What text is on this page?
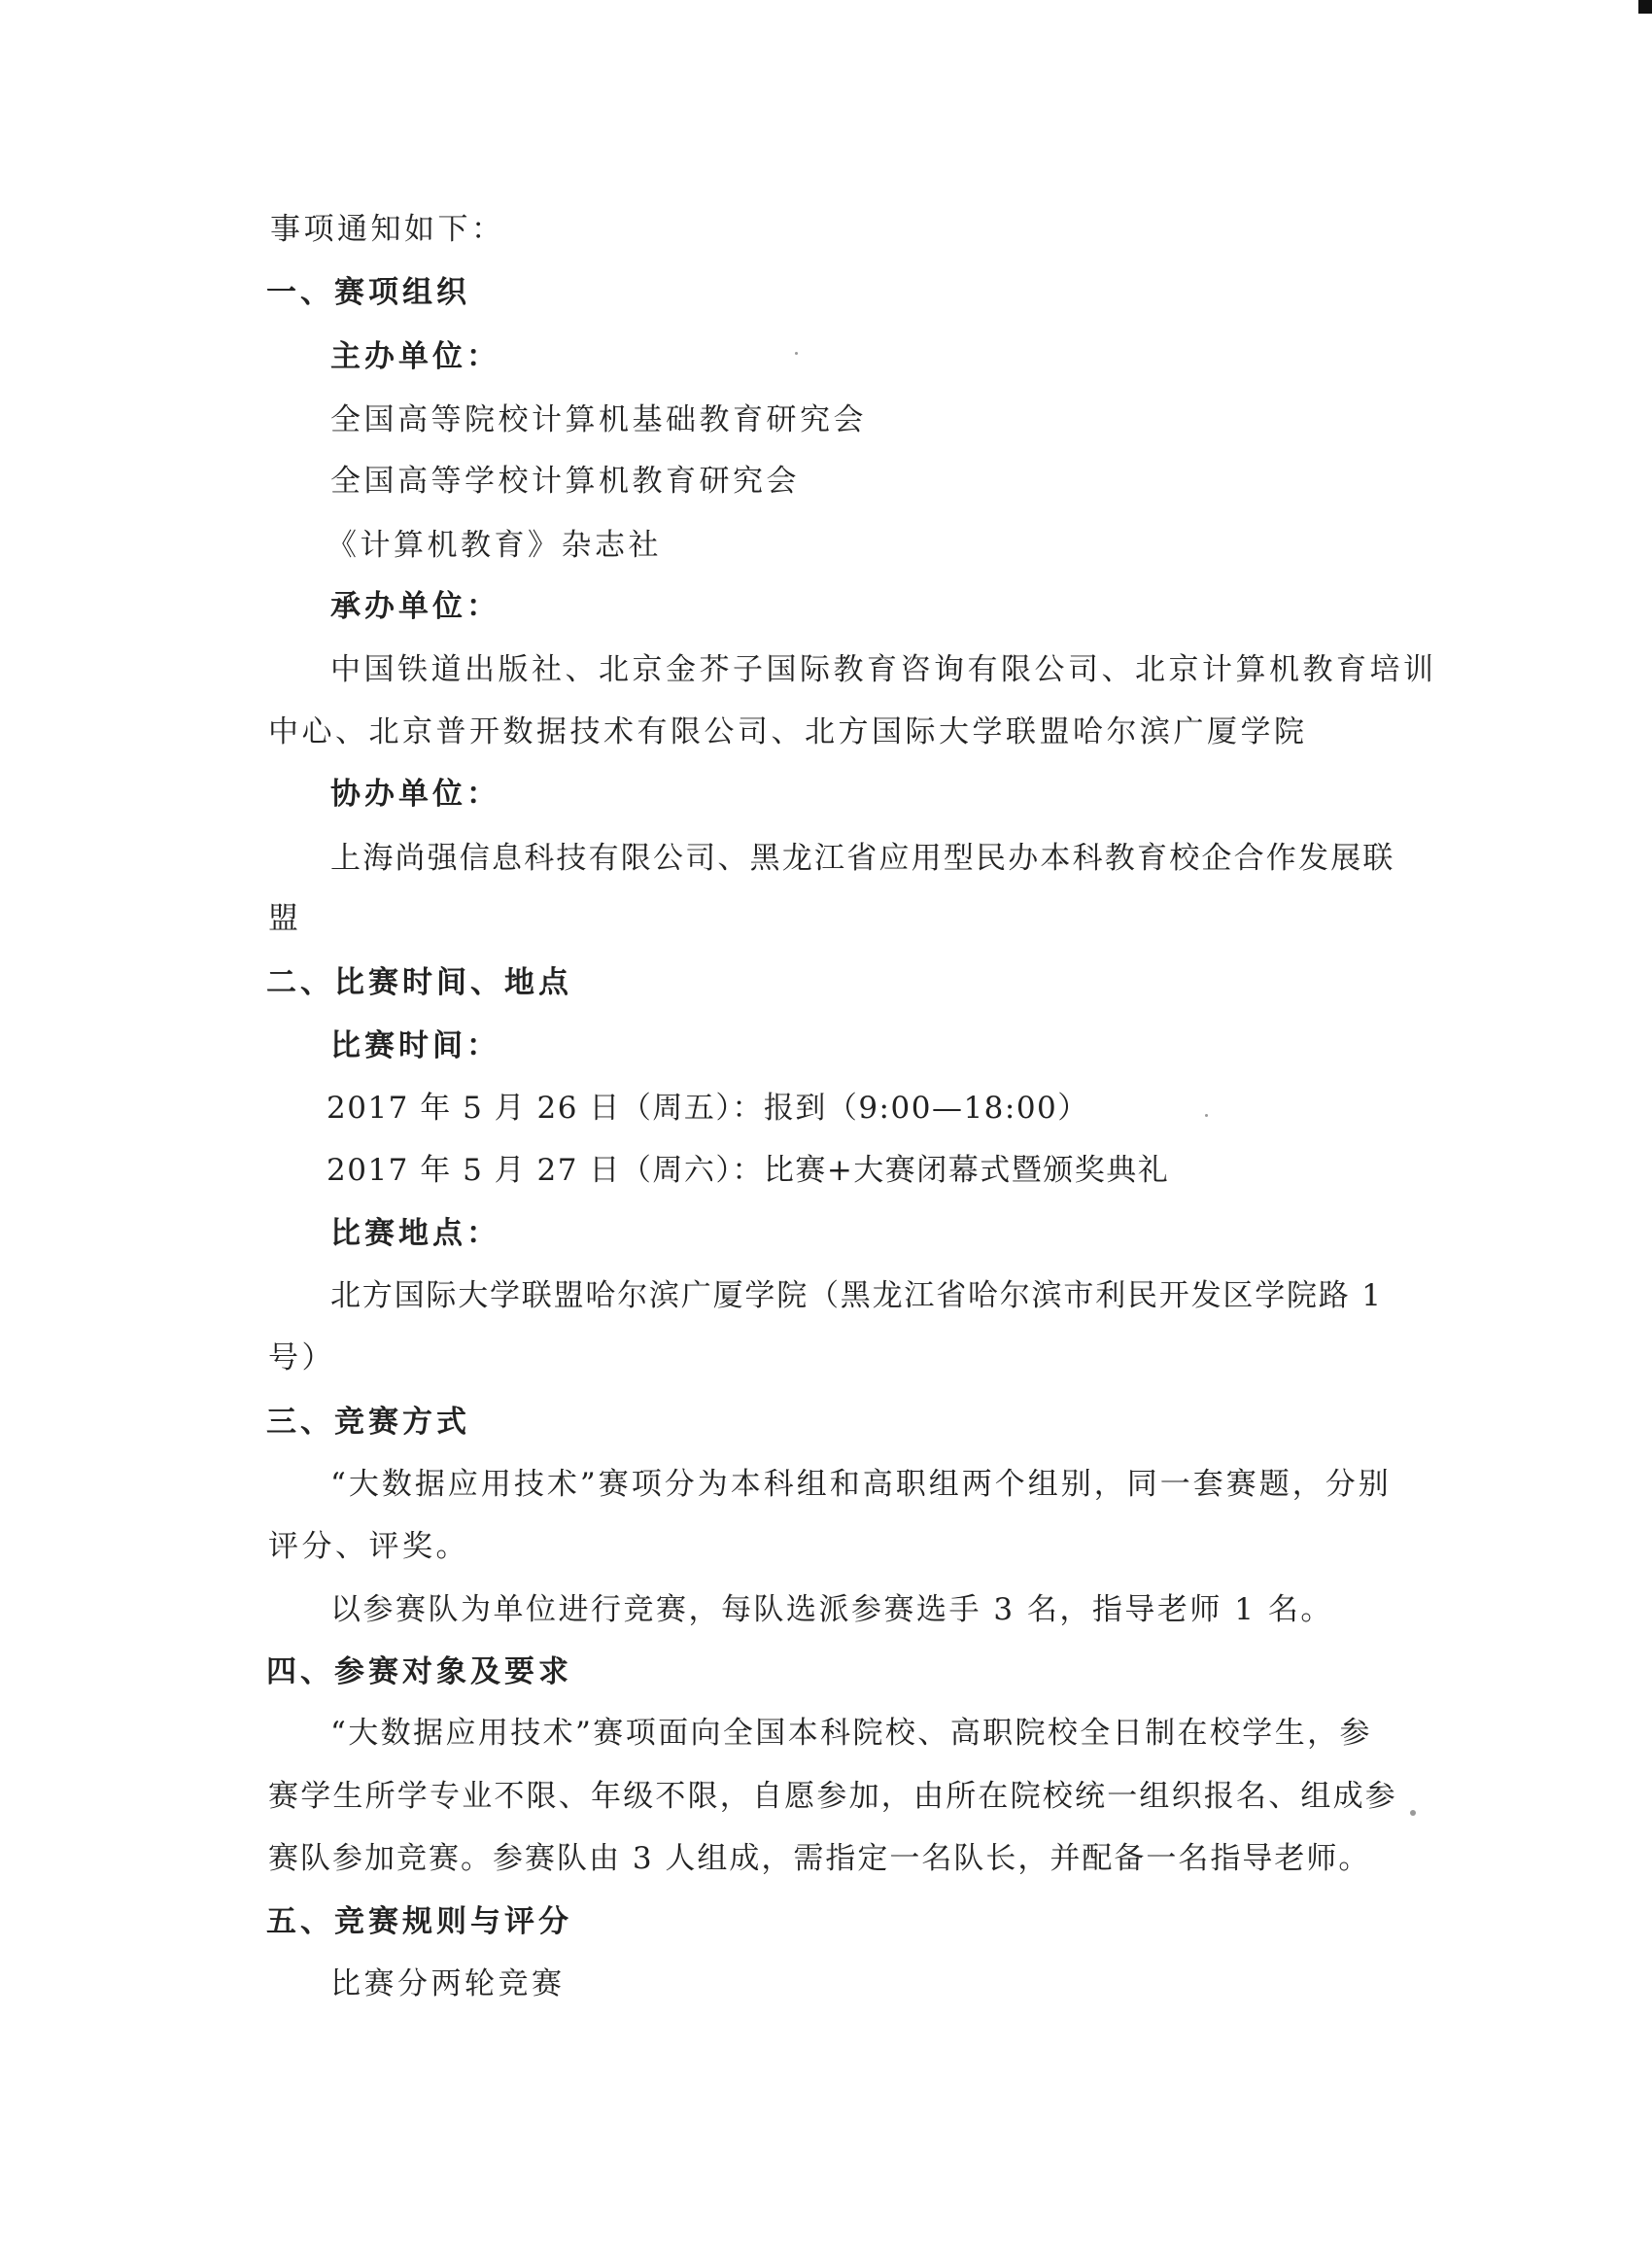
事项通知如下：
一、赛项组织
主办单位：
全国高等院校计算机基础教育研究会
全国高等学校计算机教育研究会
《计算机教育》杂志社
承办单位：
中国铁道出版社、北京金芥子国际教育咨询有限公司、北京计算机教育培训
中心、北京普开数据技术有限公司、北方国际大学联盟哈尔滨广厦学院
协办单位：
上海尚强信息科技有限公司、黑龙江省应用型民办本科教育校企合作发展联
盟
二、比赛时间、地点
比赛时间：
2017 年 5 月 26 日（周五）：报到（9:00—18:00）
2017 年 5 月 27 日（周六）：比赛+大赛闭幕式暨颁奖典礼
比赛地点：
北方国际大学联盟哈尔滨广厦学院（黑龙江省哈尔滨市利民开发区学院路 1
号）
三、竞赛方式
“大数据应用技术”赛项分为本科组和高职组两个组别，同一套赛题，分别
评分、评奖。
以参赛队为单位进行竞赛，每队选派参赛选手 3 名，指导老师 1 名。
四、参赛对象及要求
“大数据应用技术”赛项面向全国本科院校、高职院校全日制在校学生，参
赛学生所学专业不限、年级不限，自愿参加，由所在院校统一组织报名、组成参
赛队参加竞赛。参赛队由 3 人组成，需指定一名队长，并配备一名指导老师。
五、竞赛规则与评分
比赛分两轮竞赛
